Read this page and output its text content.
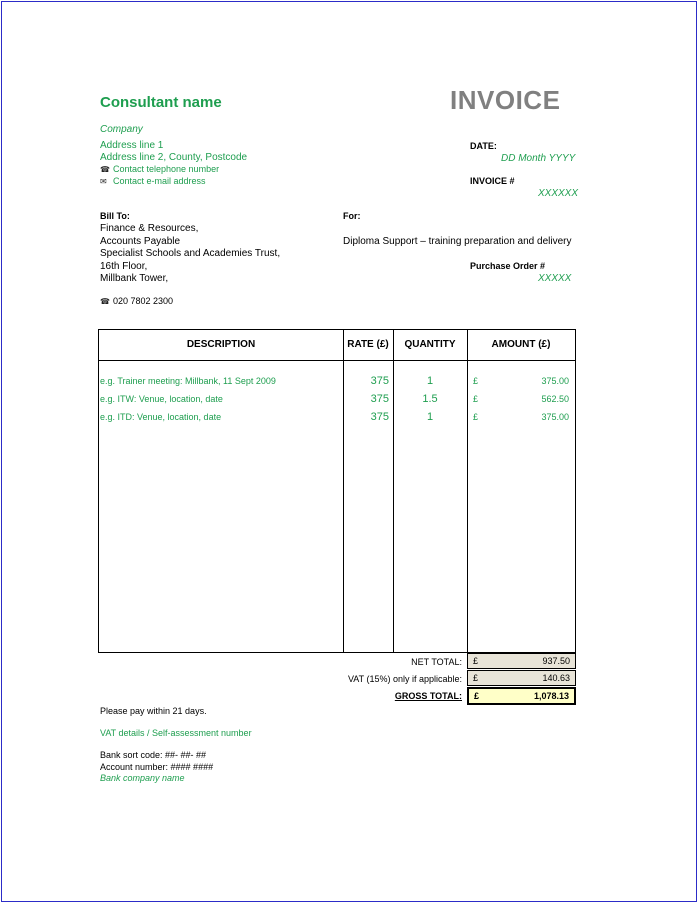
Consultant name	INVOICE
Company
Address line 1
Address line 2, County, Postcode
☎ Contact telephone number
✉ Contact e-mail address
DATE:
DD Month YYYY
INVOICE #
XXXXXX
Bill To:
Finance & Resources,
Accounts Payable
Specialist Schools and Academies Trust,
16th Floor,
Millbank Tower,
☎ 020 7802 2300
For:
Diploma Support – training preparation and delivery
Purchase Order #
XXXXX
DESCRIPTION	RATE (£)	QUANTITY	AMOUNT (£)
e.g. Trainer meeting: Millbank, 11 Sept 2009	375	1	£	375.00
e.g. ITW: Venue, location, date	375	1.5	£	562.50
e.g. ITD: Venue, location, date	375	1	£	375.00
NET TOTAL: £	937.50
VAT (15%) only if applicable: £	140.63
GROSS TOTAL: £	1,078.13
Please pay within 21 days.
VAT details / Self-assessment number
Bank sort code: ##- ##- ##
Account number: #### ####
Bank company name
